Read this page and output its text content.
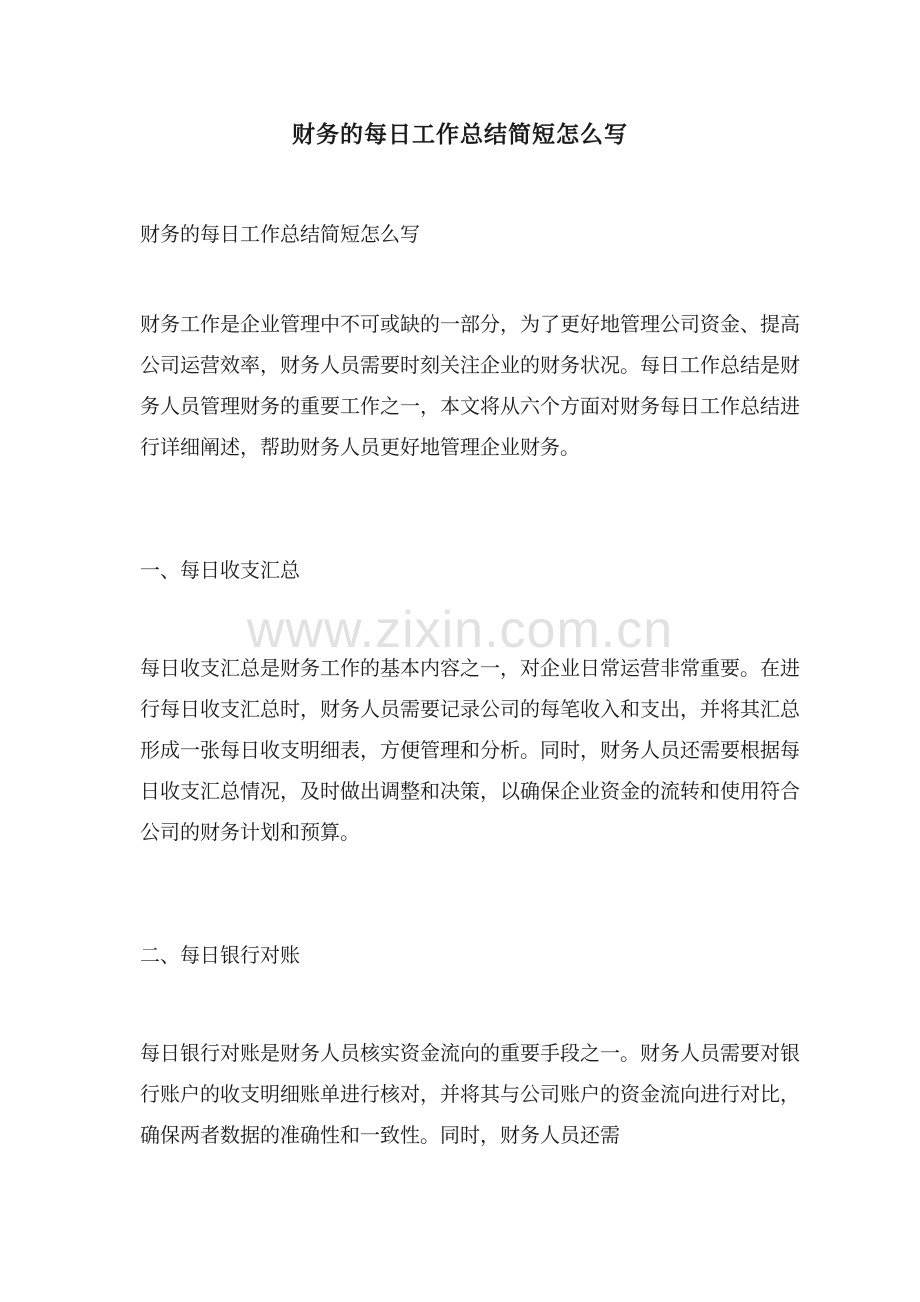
财务的每日工作总结简短怎么写

财务的每日工作总结简短怎么写

财务工作是企业管理中不可或缺的一部分，为了更好地管理公司资金、提高公司运营效率，财务人员需要时刻关注企业的财务状况。每日工作总结是财务人员管理财务的重要工作之一，本文将从六个方面对财务每日工作总结进行详细阐述，帮助财务人员更好地管理企业财务。

一、每日收支汇总

每日收支汇总是财务工作的基本内容之一，对企业日常运营非常重要。在进行每日收支汇总时，财务人员需要记录公司的每笔收入和支出，并将其汇总形成一张每日收支明细表，方便管理和分析。同时，财务人员还需要根据每日收支汇总情况，及时做出调整和决策，以确保企业资金的流转和使用符合公司的财务计划和预算。

二、每日银行对账

每日银行对账是财务人员核实资金流向的重要手段之一。财务人员需要对银行账户的收支明细账单进行核对，并将其与公司账户的资金流向进行对比，确保两者数据的准确性和一致性。同时，财务人员还需

www.zixin.com.cn
